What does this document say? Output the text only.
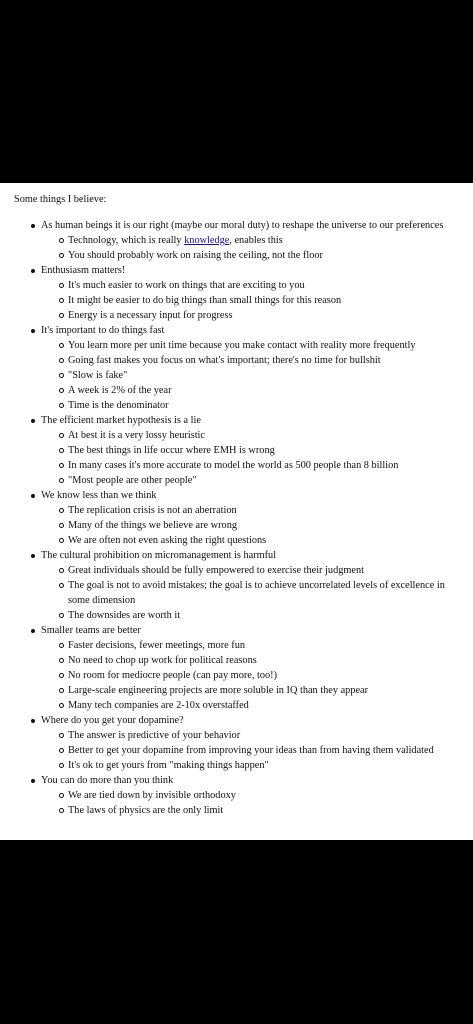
Some things I believe:
As human beings it is our right (maybe our moral duty) to reshape the universe to our preferences
Technology, which is really knowledge, enables this
You should probably work on raising the ceiling, not the floor
Enthusiasm matters!
It's much easier to work on things that are exciting to you
It might be easier to do big things than small things for this reason
Energy is a necessary input for progress
It's important to do things fast
You learn more per unit time because you make contact with reality more frequently
Going fast makes you focus on what's important; there's no time for bullshit
"Slow is fake"
A week is 2% of the year
Time is the denominator
The efficient market hypothesis is a lie
At best it is a very lossy heuristic
The best things in life occur where EMH is wrong
In many cases it's more accurate to model the world as 500 people than 8 billion
"Most people are other people"
We know less than we think
The replication crisis is not an aberration
Many of the things we believe are wrong
We are often not even asking the right questions
The cultural prohibition on micromanagement is harmful
Great individuals should be fully empowered to exercise their judgment
The goal is not to avoid mistakes; the goal is to achieve uncorrelated levels of excellence in some dimension
The downsides are worth it
Smaller teams are better
Faster decisions, fewer meetings, more fun
No need to chop up work for political reasons
No room for mediocre people (can pay more, too!)
Large-scale engineering projects are more soluble in IQ than they appear
Many tech companies are 2-10x overstaffed
Where do you get your dopamine?
The answer is predictive of your behavior
Better to get your dopamine from improving your ideas than from having them validated
It's ok to get yours from "making things happen"
You can do more than you think
We are tied down by invisible orthodoxy
The laws of physics are the only limit
